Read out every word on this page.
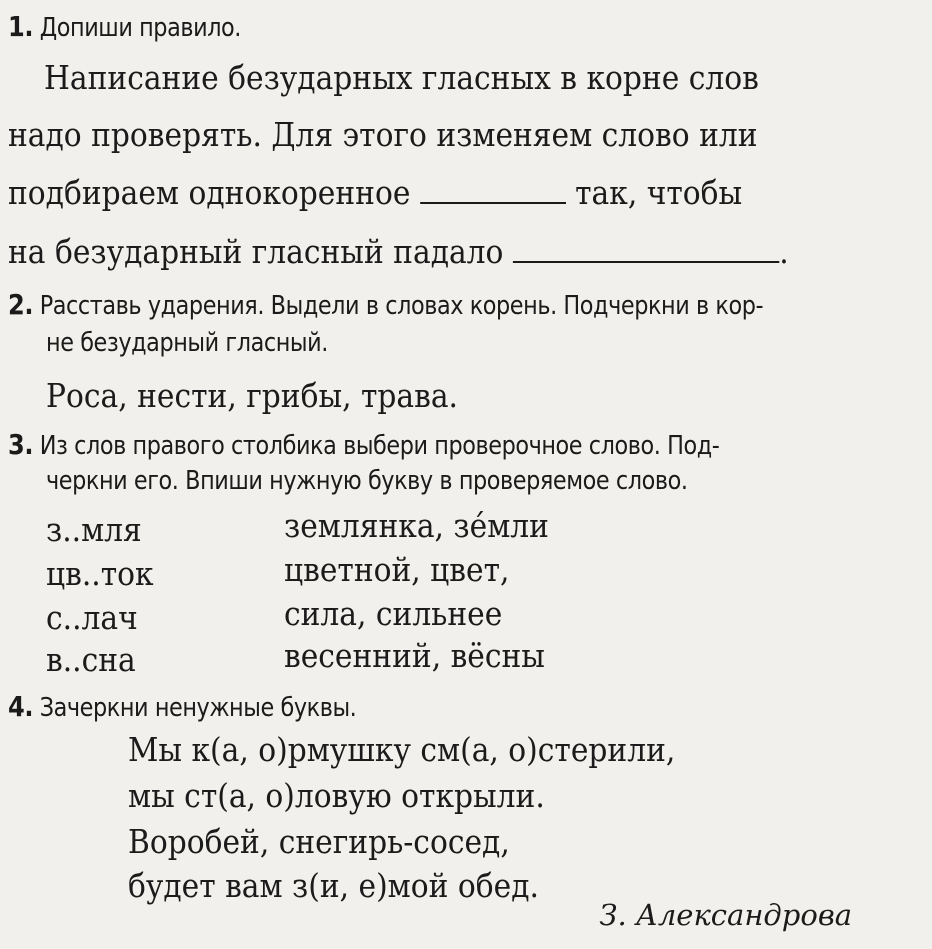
1. Допиши правило.
Написание безударных гласных в корне слов
надо проверять. Для этого изменяем слово или
подбираем однокоренное	так, чтобы
на безударный гласный падало	.
2. Расставь ударения. Выдели в словах корень. Подчеркни в кор-
не безударный гласный.
Роса, нести, грибы, трава.
3. Из слов правого столбика выбери проверочное слово. Под-
черкни его. Впиши нужную букву в проверяемое слово.
з..мля	землянка, зе́мли
цв..ток	цветной, цвет,
с..лач	сила, сильнее
в..сна	весенний, вёсны
4. Зачеркни ненужные буквы.
Мы к(а, о)рмушку см(а, о)стерили,
мы ст(а, о)ловую открыли.
Воробей, снегирь-сосед,
будет вам з(и, е)мой обед.
З. Александрова
